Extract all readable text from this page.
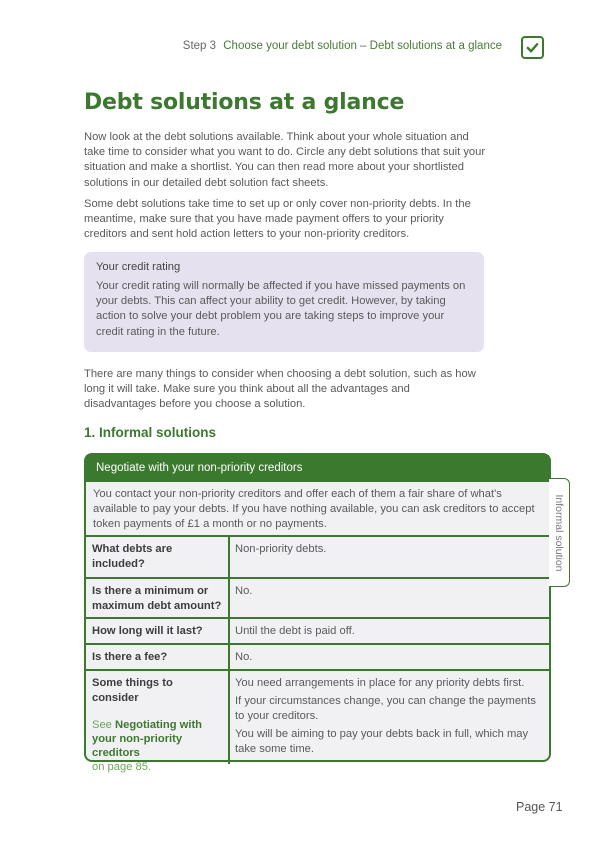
Step 3 Choose your debt solution – Debt solutions at a glance
Debt solutions at a glance

Now look at the debt solutions available. Think about your whole situation and take time to consider what you want to do. Circle any debt solutions that suit your situation and make a shortlist. You can then read more about your shortlisted solutions in our detailed debt solution fact sheets.

Some debt solutions take time to set up or only cover non-priority debts. In the meantime, make sure that you have made payment offers to your priority creditors and sent hold action letters to your non-priority creditors.

Your credit rating
Your credit rating will normally be affected if you have missed payments on your debts. This can affect your ability to get credit. However, by taking action to solve your debt problem you are taking steps to improve your credit rating in the future.

There are many things to consider when choosing a debt solution, such as how long it will take. Make sure you think about all the advantages and disadvantages before you choose a solution.

1. Informal solutions
Negotiate with your non-priority creditors
You contact your non-priority creditors and offer each of them a fair share of what's available to pay your debts. If you have nothing available, you can ask creditors to accept token payments of £1 a month or no payments.
What debts are included?
Non-priority debts.
Is there a minimum or maximum debt amount?
No.
How long will it last?	Until the debt is paid off.
Is there a fee?	No.
Some things to consider
See Negotiating with your non-priority creditors
on page 85.

You need arrangements in place for any priority debts first.

If your circumstances change, you can change the payments to your creditors.

You will be aiming to pay your debts back in full, which may take some time.

Informal solution
Page 71
